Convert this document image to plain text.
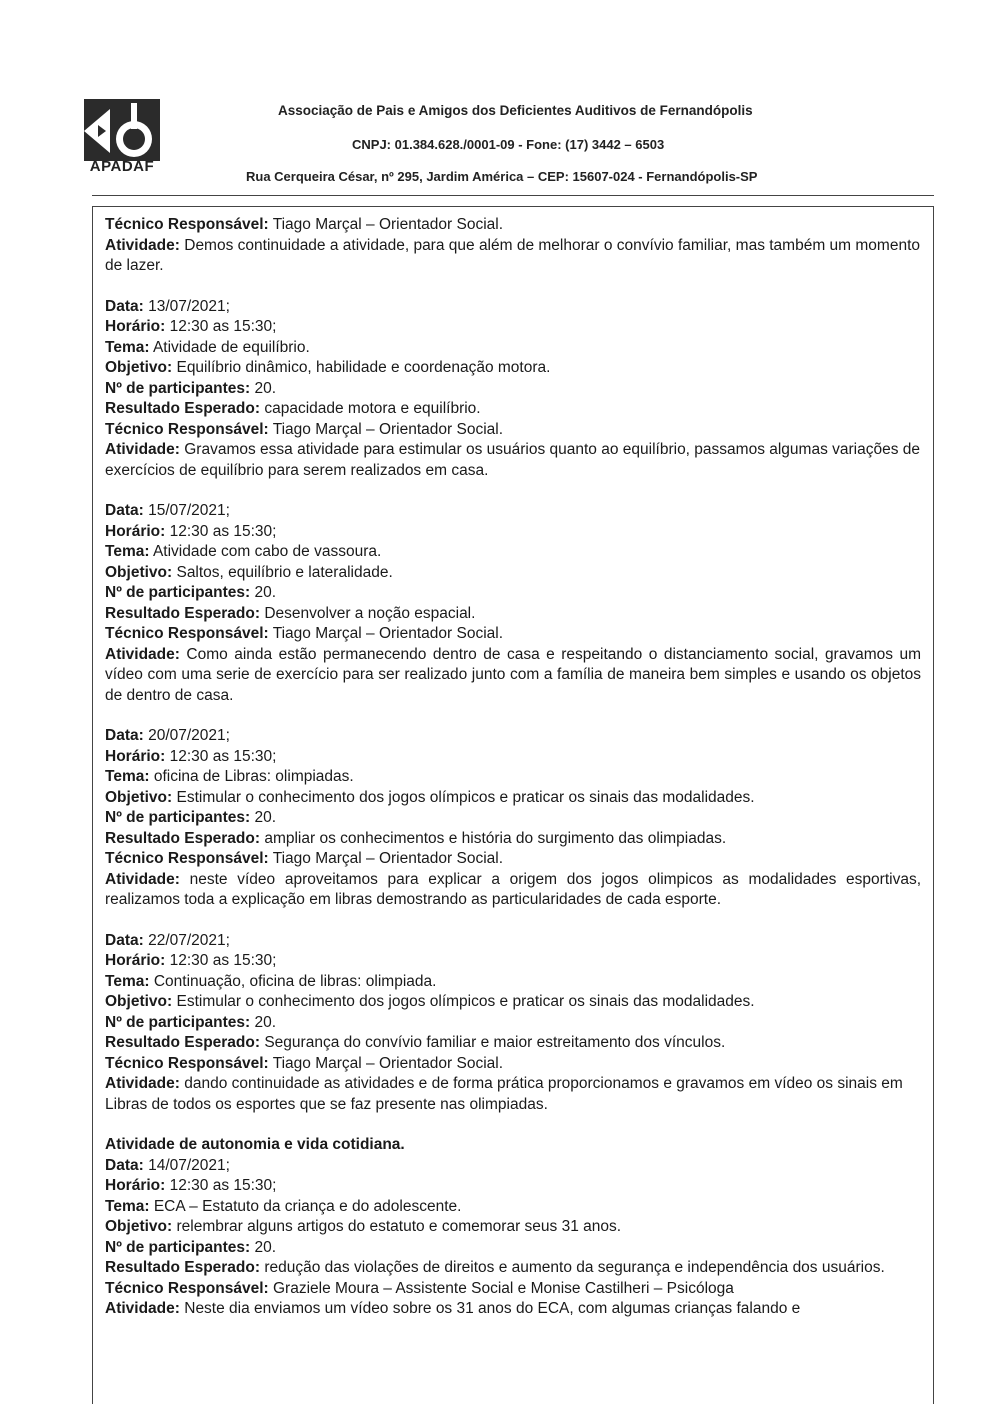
APADAF
Associação de Pais e Amigos dos Deficientes Auditivos de Fernandópolis
CNPJ: 01.384.628./0001-09 - Fone: (17) 3442 – 6503
Rua Cerqueira César, nº 295, Jardim América – CEP: 15607-024 - Fernandópolis-SP

Técnico Responsável: Tiago Marçal – Orientador Social.

Atividade: Demos continuidade a atividade, para que além de melhorar o convívio familiar, mas também um momento de lazer.

Data: 13/07/2021;

Horário: 12:30 as 15:30;

Tema: Atividade de equilíbrio.

Objetivo: Equilíbrio dinâmico, habilidade e coordenação motora.

Nº de participantes: 20.

Resultado Esperado: capacidade motora e equilíbrio.

Técnico Responsável: Tiago Marçal – Orientador Social.

Atividade: Gravamos essa atividade para estimular os usuários quanto ao equilíbrio, passamos algumas variações de exercícios de equilíbrio para serem realizados em casa.

Data: 15/07/2021;

Horário: 12:30 as 15:30;

Tema: Atividade com cabo de vassoura.

Objetivo: Saltos, equilíbrio e lateralidade.

Nº de participantes: 20.

Resultado Esperado: Desenvolver a noção espacial.

Técnico Responsável: Tiago Marçal – Orientador Social.

Atividade: Como ainda estão permanecendo dentro de casa e respeitando o distanciamento social, gravamos um vídeo com uma serie de exercício para ser realizado junto com a família de maneira bem simples e usando os objetos de dentro de casa.

Data: 20/07/2021;

Horário: 12:30 as 15:30;

Tema: oficina de Libras: olimpiadas.

Objetivo: Estimular o conhecimento dos jogos olímpicos e praticar os sinais das modalidades.

Nº de participantes: 20.

Resultado Esperado: ampliar os conhecimentos e história do surgimento das olimpiadas.

Técnico Responsável: Tiago Marçal – Orientador Social.

Atividade: neste vídeo aproveitamos para explicar a origem dos jogos olimpicos as modalidades esportivas, realizamos toda a explicação em libras demostrando as particularidades de cada esporte.

Data: 22/07/2021;

Horário: 12:30 as 15:30;

Tema: Continuação, oficina de libras: olimpiada.

Objetivo: Estimular o conhecimento dos jogos olímpicos e praticar os sinais das modalidades.

Nº de participantes: 20.

Resultado Esperado: Segurança do convívio familiar e maior estreitamento dos vínculos.

Técnico Responsável: Tiago Marçal – Orientador Social.

Atividade: dando continuidade as atividades e de forma prática proporcionamos e gravamos em vídeo os sinais em Libras de todos os esportes que se faz presente nas olimpiadas.

Atividade de autonomia e vida cotidiana.

Data: 14/07/2021;

Horário: 12:30 as 15:30;

Tema: ECA – Estatuto da criança e do adolescente.

Objetivo: relembrar alguns artigos do estatuto e comemorar seus 31 anos.

Nº de participantes: 20.

Resultado Esperado: redução das violações de direitos e aumento da segurança e independência dos usuários.

Técnico Responsável: Graziele Moura – Assistente Social e Monise Castilheri – Psicóloga

Atividade: Neste dia enviamos um vídeo sobre os 31 anos do ECA, com algumas crianças falando e
